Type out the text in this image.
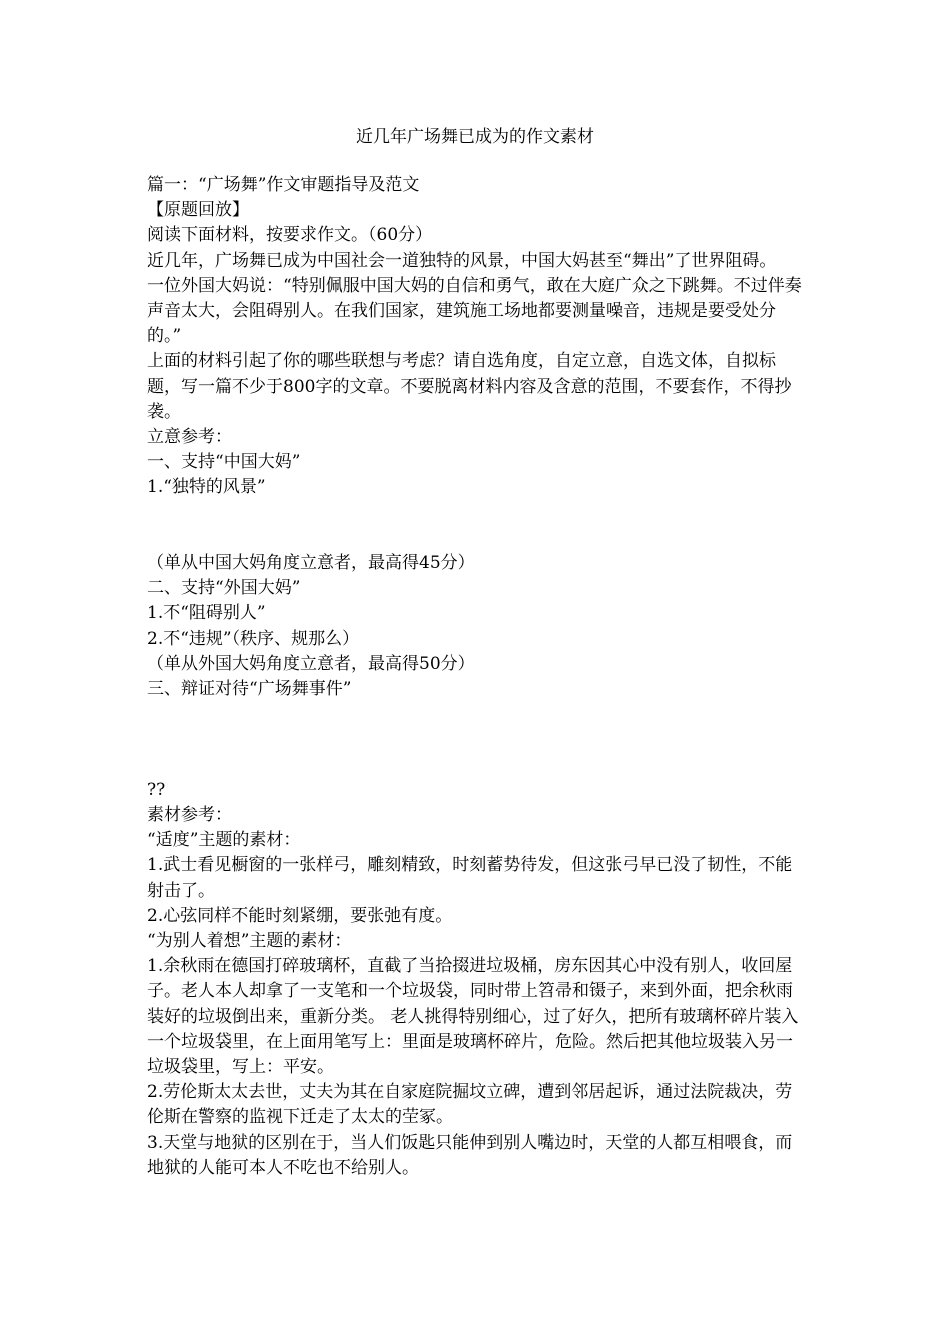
近几年广场舞已成为的作文素材

篇一：“广场舞”作文审题指导及范文

【原题回放】

阅读下面材料，按要求作文。（60分）

近几年，广场舞已成为中国社会一道独特的风景，中国大妈甚至“舞出”了世界阻碍。

一位外国大妈说：“特别佩服中国大妈的自信和勇气，敢在大庭广众之下跳舞。不过伴奏声音太大，会阻碍别人。在我们国家，建筑施工场地都要测量噪音，违规是要受处分的。”

上面的材料引起了你的哪些联想与考虑？请自选角度，自定立意，自选文体，自拟标题，写一篇不少于800字的文章。不要脱离材料内容及含意的范围，不要套作，不得抄袭。

立意参考：

一、支持“中国大妈”

1.“独特的风景”

（单从中国大妈角度立意者，最高得45分）

二、支持“外国大妈”

1.不“阻碍别人”

2.不“违规”（秩序、规那么）

（单从外国大妈角度立意者，最高得50分）

三、辩证对待“广场舞事件”

??

素材参考：

“适度”主题的素材：

1.武士看见橱窗的一张样弓，雕刻精致，时刻蓄势待发，但这张弓早已没了韧性，不能射击了。

2.心弦同样不能时刻紧绷，要张弛有度。

“为别人着想”主题的素材：

1.余秋雨在德国打碎玻璃杯，直截了当拾掇进垃圾桶，房东因其心中没有别人，收回屋子。老人本人却拿了一支笔和一个垃圾袋，同时带上笤帚和镊子，来到外面，把余秋雨装好的垃圾倒出来，重新分类。 老人挑得特别细心，过了好久，把所有玻璃杯碎片装入一个垃圾袋里，在上面用笔写上：里面是玻璃杯碎片，危险。然后把其他垃圾装入另一垃圾袋里，写上：平安。

2.劳伦斯太太去世，丈夫为其在自家庭院掘坟立碑，遭到邻居起诉，通过法院裁决，劳伦斯在警察的监视下迁走了太太的茔冢。

3.天堂与地狱的区别在于，当人们饭匙只能伸到别人嘴边时，天堂的人都互相喂食，而地狱的人能可本人不吃也不给别人。
